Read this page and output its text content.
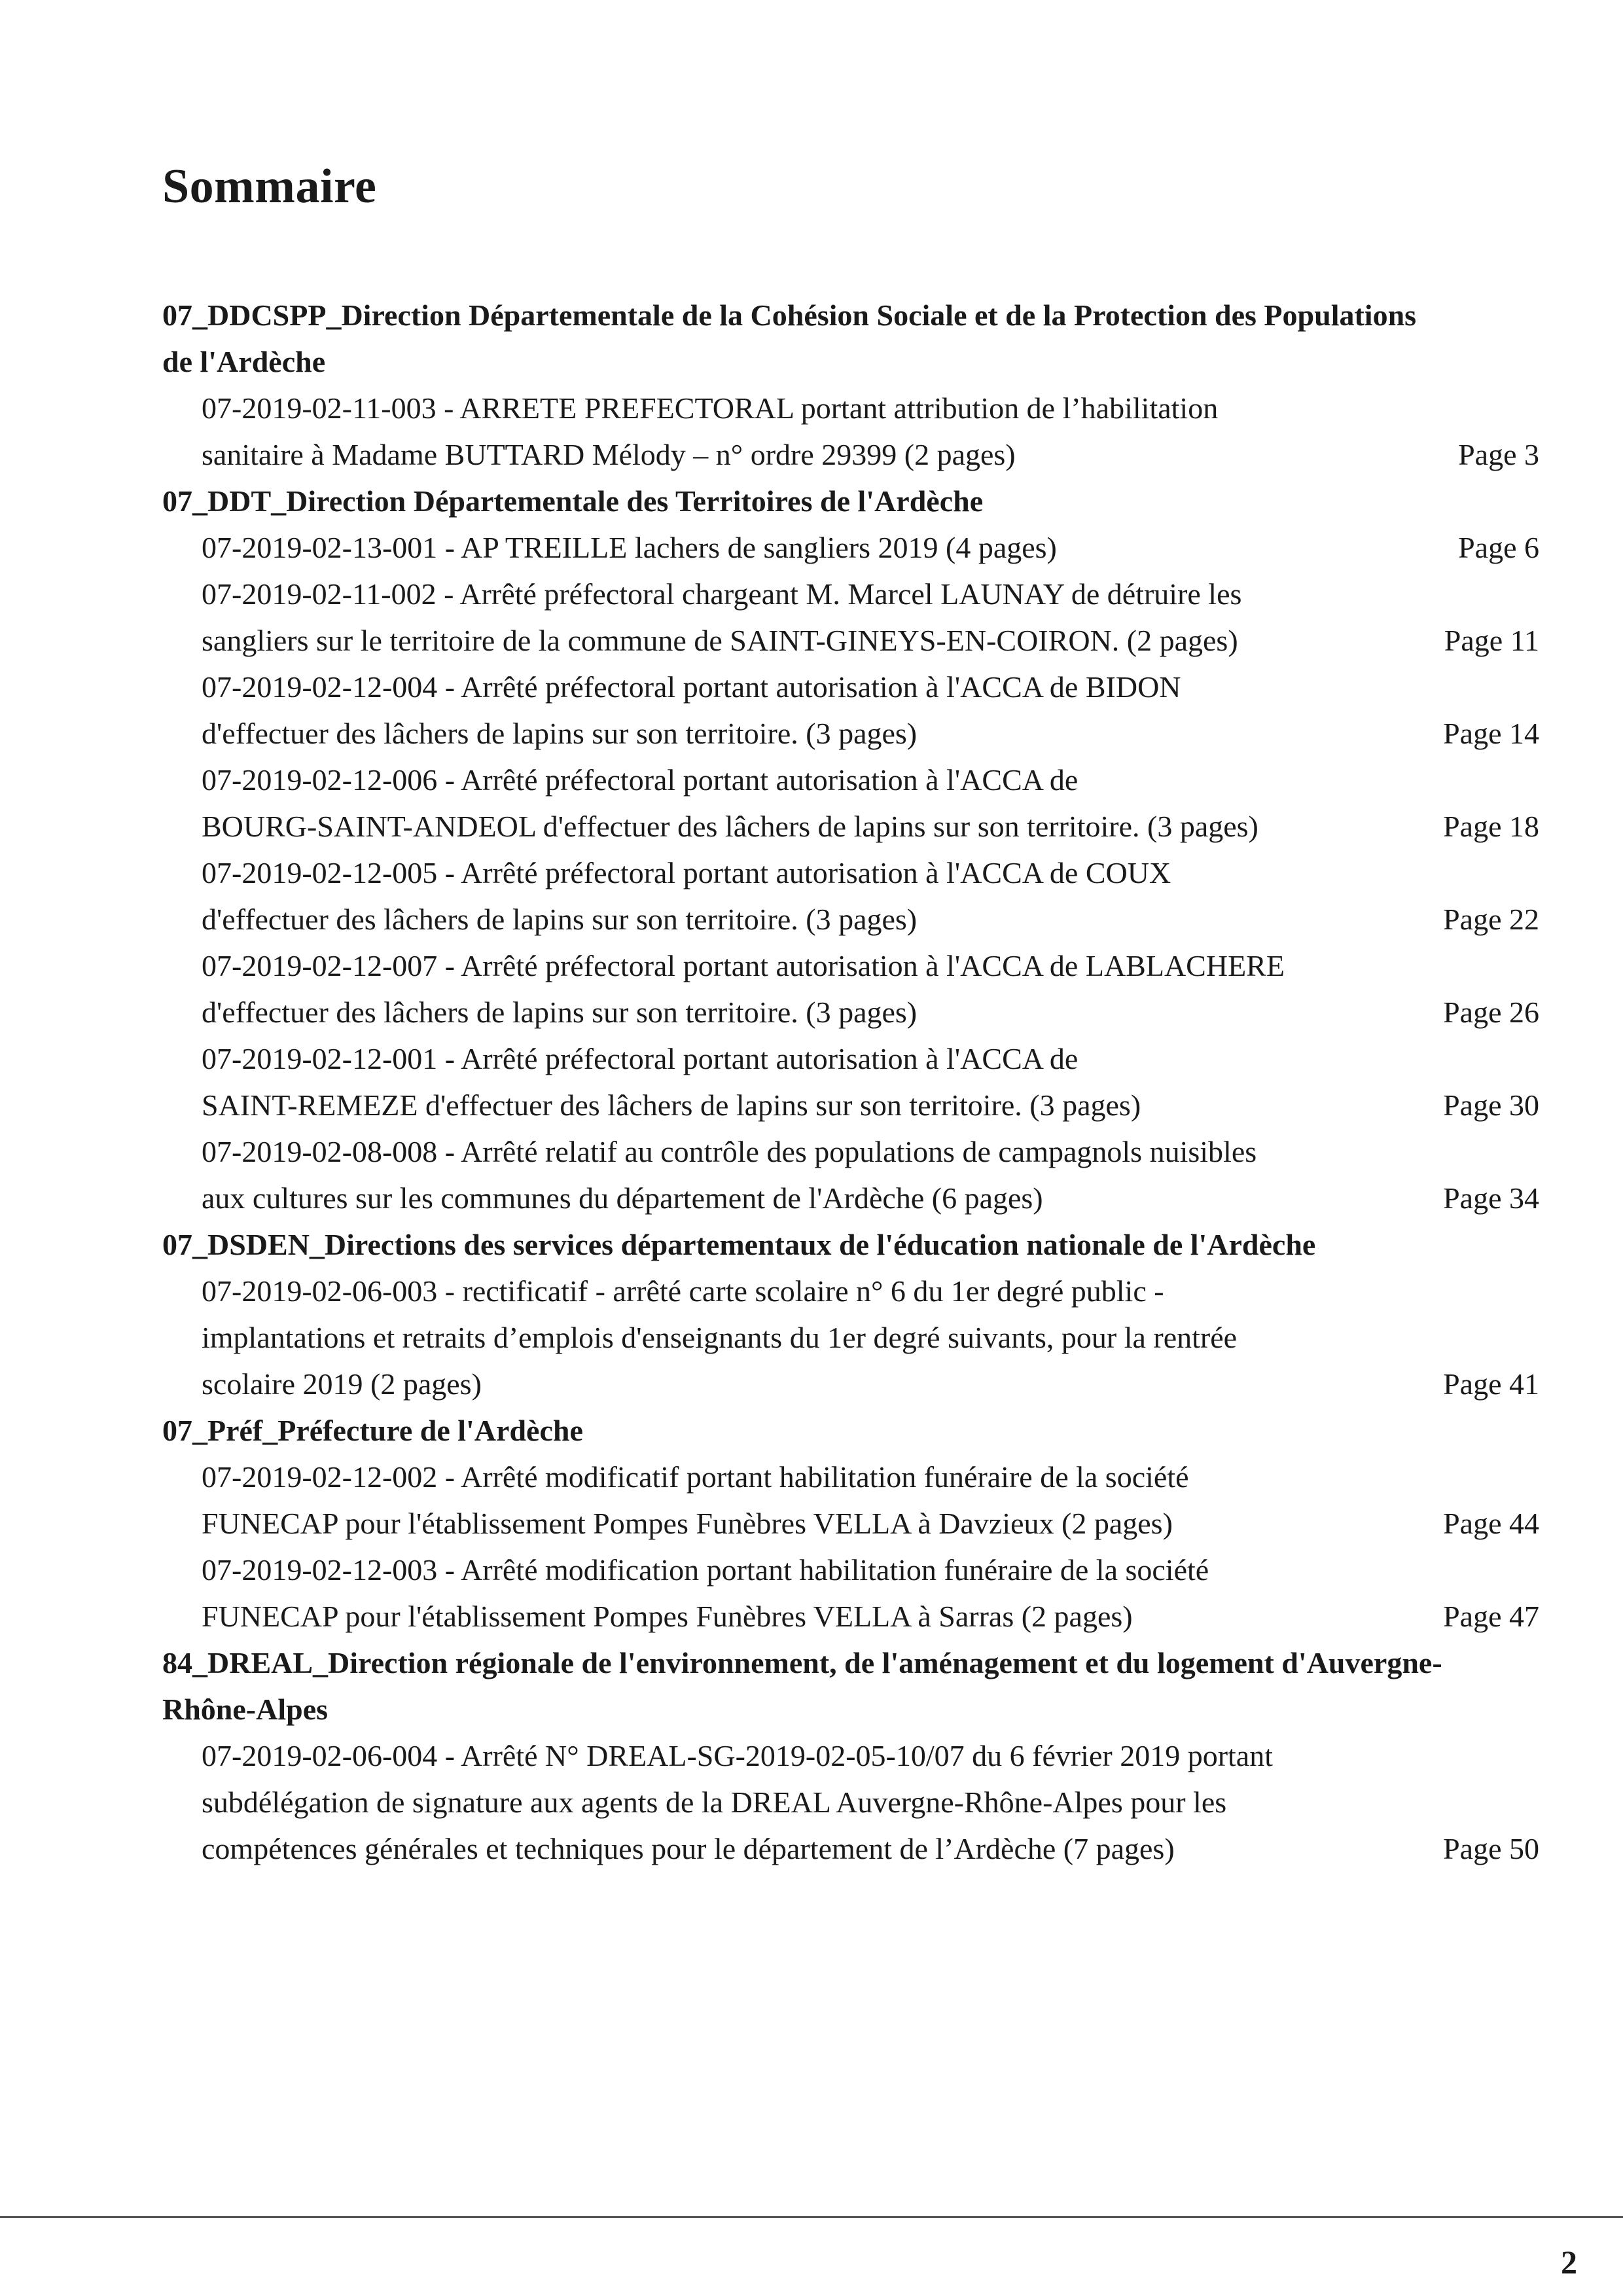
Sommaire
07_DDCSPP_Direction Départementale de la Cohésion Sociale et de la Protection des Populations de l'Ardèche
07-2019-02-11-003 - ARRETE PREFECTORAL portant attribution de l’habilitation
sanitaire à Madame BUTTARD Mélody – n° ordre 29399 (2 pages)	Page 3
07_DDT_Direction Départementale des Territoires de l'Ardèche
07-2019-02-13-001 - AP TREILLE lachers de sangliers 2019 (4 pages)	Page 6
07-2019-02-11-002 - Arrêté préfectoral chargeant M. Marcel LAUNAY de détruire les
sangliers sur le territoire de la commune de SAINT-GINEYS-EN-COIRON. (2 pages)	Page 11
07-2019-02-12-004 - Arrêté préfectoral portant autorisation à l'ACCA de BIDON
d'effectuer des lâchers de lapins sur son territoire. (3 pages)	Page 14
07-2019-02-12-006 - Arrêté préfectoral portant autorisation à l'ACCA de
BOURG-SAINT-ANDEOL d'effectuer des lâchers de lapins sur son territoire. (3 pages)	Page 18
07-2019-02-12-005 - Arrêté préfectoral portant autorisation à l'ACCA de COUX
d'effectuer des lâchers de lapins sur son territoire. (3 pages)	Page 22
07-2019-02-12-007 - Arrêté préfectoral portant autorisation à l'ACCA de LABLACHERE
d'effectuer des lâchers de lapins sur son territoire. (3 pages)	Page 26
07-2019-02-12-001 - Arrêté préfectoral portant autorisation à l'ACCA de
SAINT-REMEZE d'effectuer des lâchers de lapins sur son territoire. (3 pages)	Page 30
07-2019-02-08-008 - Arrêté relatif au contrôle des populations de campagnols nuisibles
aux cultures sur les communes du département de l'Ardèche (6 pages)	Page 34
07_DSDEN_Directions des services départementaux de l'éducation nationale de l'Ardèche
07-2019-02-06-003 - rectificatif - arrêté carte scolaire n° 6 du 1er degré public -
implantations et retraits d’emplois d'enseignants du 1er degré suivants, pour la rentrée
scolaire 2019 (2 pages)	Page 41
07_Préf_Préfecture de l'Ardèche
07-2019-02-12-002 - Arrêté modificatif portant habilitation funéraire de la société
FUNECAP pour l'établissement Pompes Funèbres VELLA à Davzieux (2 pages)	Page 44
07-2019-02-12-003 - Arrêté modification portant habilitation funéraire de la société
FUNECAP pour l'établissement Pompes Funèbres VELLA à Sarras (2 pages)	Page 47
84_DREAL_Direction régionale de l'environnement, de l'aménagement et du logement d'Auvergne-Rhône-Alpes
07-2019-02-06-004 - Arrêté N° DREAL-SG-2019-02-05-10/07 du 6 février 2019 portant
subdélégation de signature aux agents de la DREAL Auvergne-Rhône-Alpes pour les
compétences générales et techniques pour le département de l’Ardèche (7 pages)	Page 50
2
